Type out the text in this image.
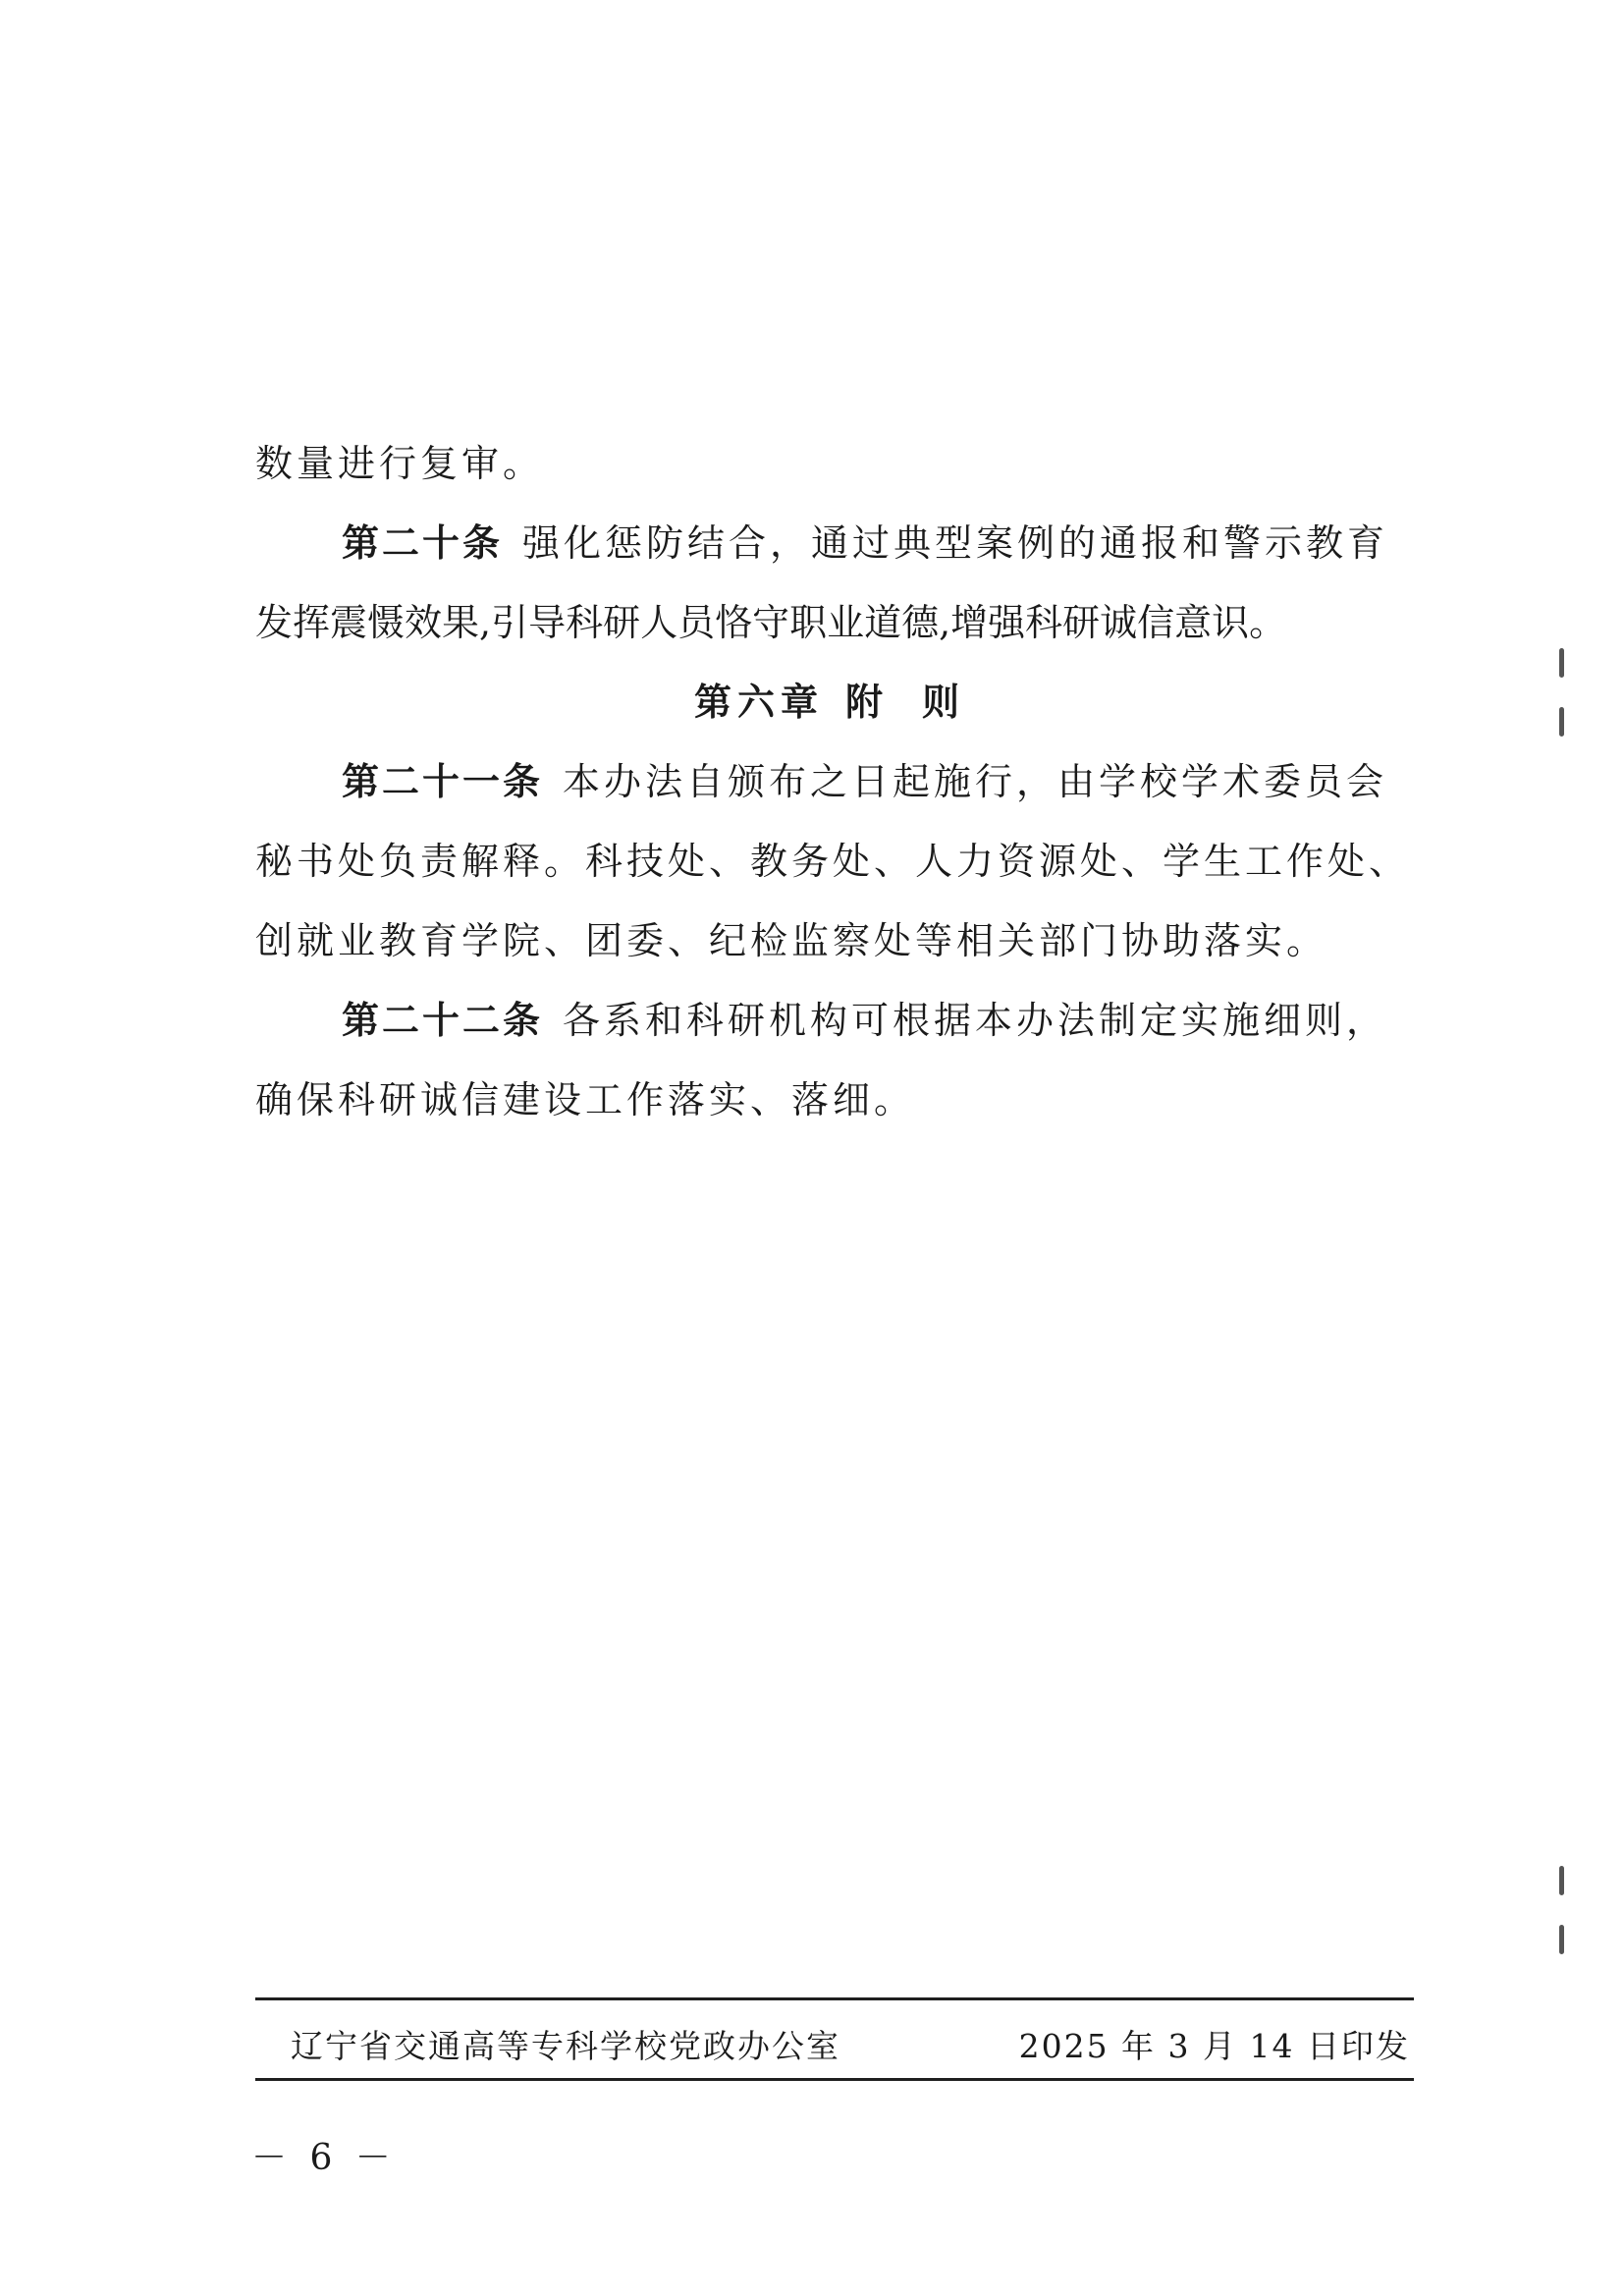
数量进行复审。
第二十条 强化惩防结合，通过典型案例的通报和警示教育
发挥震慑效果,引导科研人员恪守职业道德,增强科研诚信意识。
第六章 附 则
第二十一条 本办法自颁布之日起施行，由学校学术委员会
秘书处负责解释。科技处、教务处、人力资源处、学生工作处、
创就业教育学院、团委、纪检监察处等相关部门协助落实。
第二十二条 各系和科研机构可根据本办法制定实施细则，
确保科研诚信建设工作落实、落细。
辽宁省交通高等专科学校党政办公室	2025 年 3 月 14 日印发
－ 6 －
